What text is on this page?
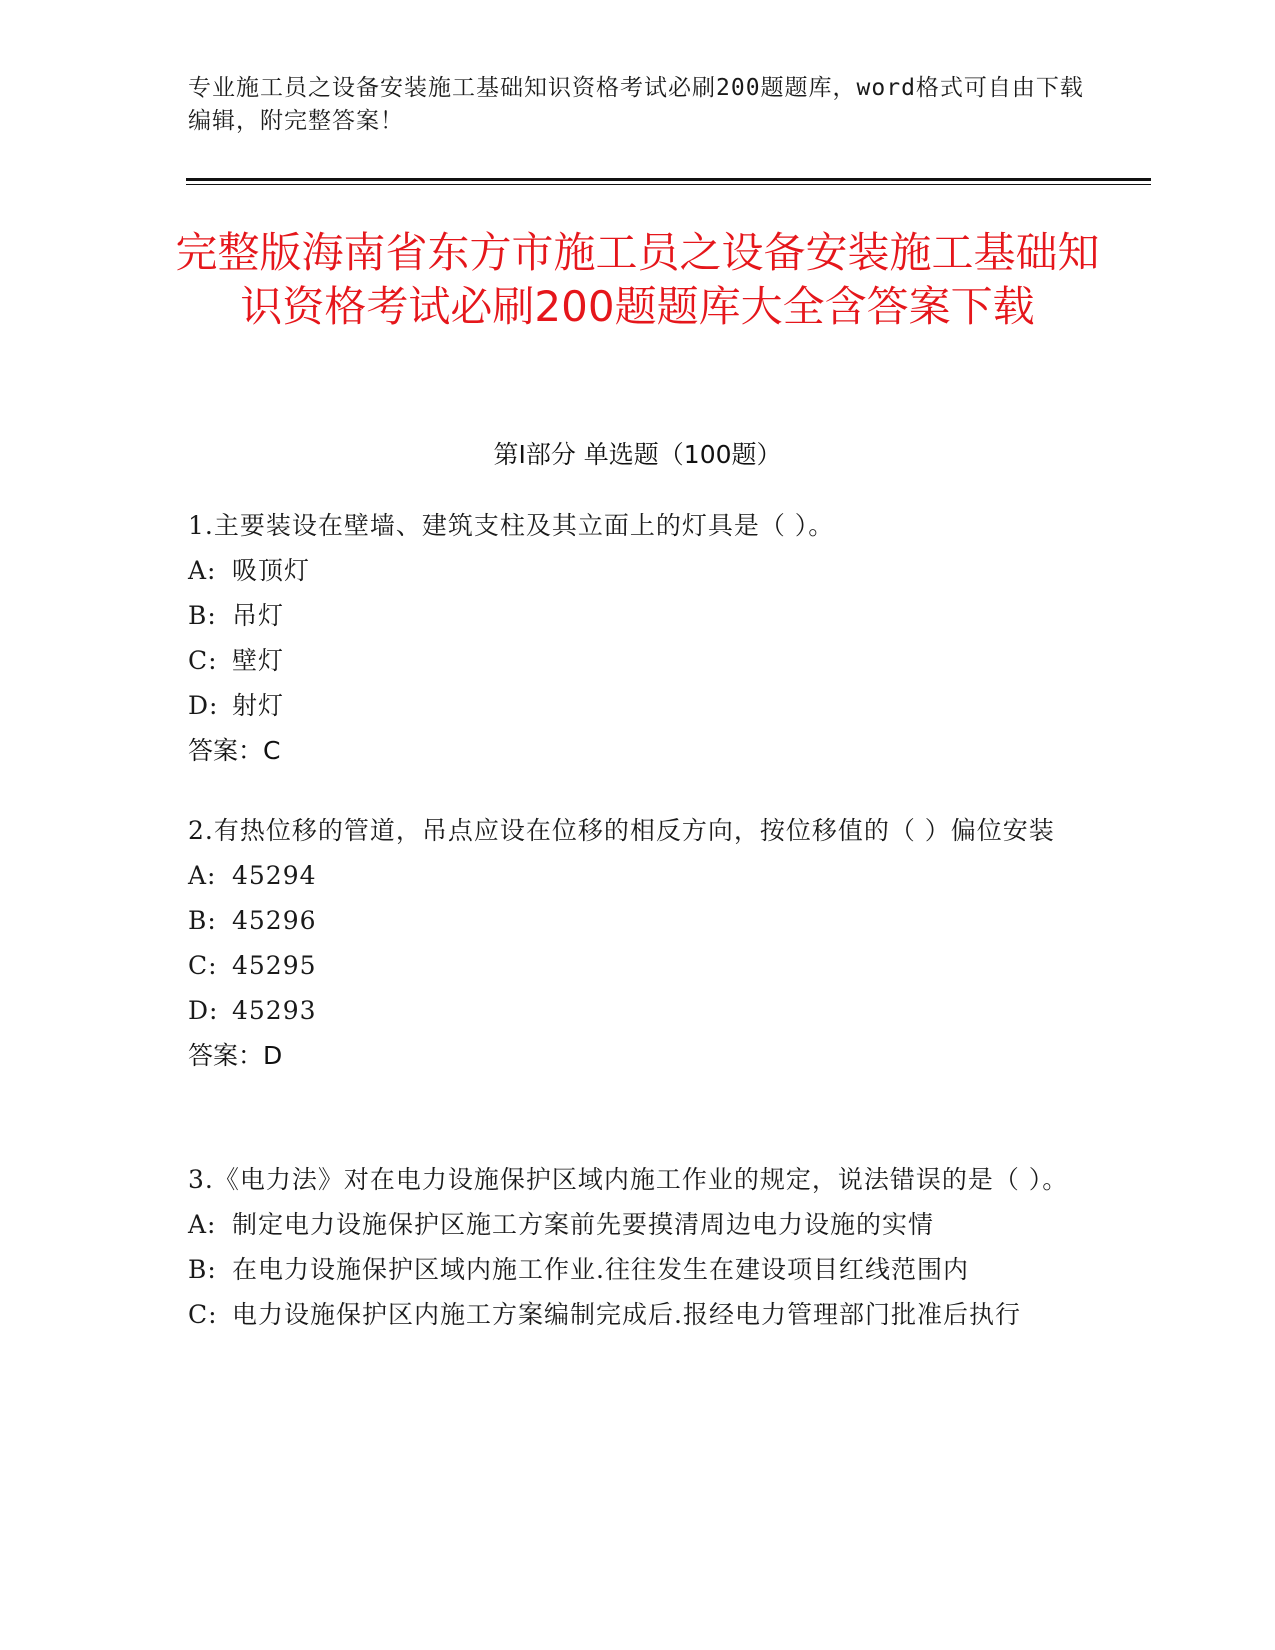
专业施工员之设备安装施工基础知识资格考试必刷200题题库，word格式可自由下载编辑，附完整答案！
完整版海南省东方市施工员之设备安装施工基础知识资格考试必刷200题题库大全含答案下载
第Ⅰ部分 单选题（100题）
1.主要装设在壁墙、建筑支柱及其立面上的灯具是（ ）。
A: 吸顶灯
B: 吊灯
C: 壁灯
D: 射灯
答案：C
2.有热位移的管道，吊点应设在位移的相反方向，按位移值的（ ）偏位安装
A: 45294
B: 45296
C: 45295
D: 45293
答案：D
3.《电力法》对在电力设施保护区域内施工作业的规定，说法错误的是（ ）。
A: 制定电力设施保护区施工方案前先要摸清周边电力设施的实情
B: 在电力设施保护区域内施工作业.往往发生在建设项目红线范围内
C: 电力设施保护区内施工方案编制完成后.报经电力管理部门批准后执行
